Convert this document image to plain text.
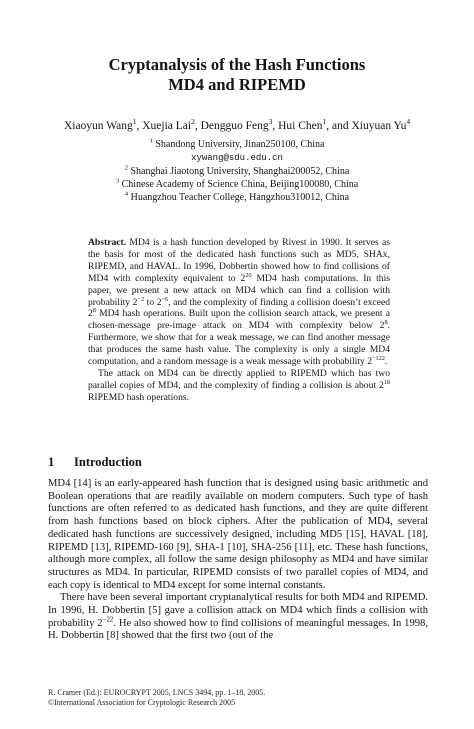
Cryptanalysis of the Hash Functions
MD4 and RIPEMD
Xiaoyun Wang$^1$, Xuejia Lai$^2$, Dengguo Feng$^3$, Hui Chen$^1$, and Xiuyuan Yu$^4$
$^1$ Shandong University, Jinan250100, China
xywang@sdu.edu.cn
$^2$ Shanghai Jiaotong University, Shanghai200052, China
$^3$ Chinese Academy of Science China, Beijing100080, China
$^4$ Huangzhou Teacher College, Hangzhou310012, China

Abstract. MD4 is a hash function developed by Rivest in 1990. It serves as the basis for most of the dedicated hash functions such as MD5, SHAx, RIPEMD, and HAVAL. In 1996, Dobbertin showed how to find collisions of MD4 with complexity equivalent to $2^{20}$ MD4 hash computations. In this paper, we present a new attack on MD4 which can find a collision with probability $2^{-2}$ to $2^{-6}$, and the complexity of finding a collision doesn’t exceed $2^8$ MD4 hash operations. Built upon the collision search attack, we present a chosen-message pre-image attack on MD4 with complexity below $2^8$. Furthermore, we show that for a weak message, we can find another message that produces the same hash value. The complexity is only a single MD4 computation, and a random message is a weak message with probability $2^{-122}$.

The attack on MD4 can be directly applied to RIPEMD which has two parallel copies of MD4, and the complexity of finding a collision is about $2^{18}$ RIPEMD hash operations.

1 Introduction

MD4 [14] is an early-appeared hash function that is designed using basic arithmetic and Boolean operations that are readily available on modern computers. Such type of hash functions are often referred to as dedicated hash functions, and they are quite different from hash functions based on block ciphers. After the publication of MD4, several dedicated hash functions are successively designed, including MD5 [15], HAVAL [18], RIPEMD [13], RIPEMD-160 [9], SHA-1 [10], SHA-256 [11], etc. These hash functions, although more complex, all follow the same design philosophy as MD4 and have similar structures as MD4. In particular, RIPEMD consists of two parallel copies of MD4, and each copy is identical to MD4 except for some internal constants.

There have been several important cryptanalytical results for both MD4 and RIPEMD. In 1996, H. Dobbertin [5] gave a collision attack on MD4 which finds a collision with probability $2^{-22}$. He also showed how to find collisions of meaningful messages. In 1998, H. Dobbertin [8] showed that the first two (out of the

R. Cramer (Ed.): EUROCRYPT 2005, LNCS 3494, pp. 1–18, 2005.
©International Association for Cryptologic Research 2005
